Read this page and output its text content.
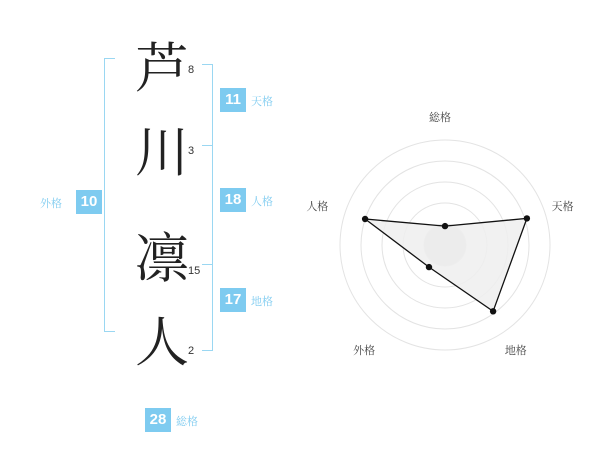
芦
川
凛
人
8
3
15
2
11 天格
18 人格
17 地格
10
外格
28 総格
総格
天格
地格
外格
人格
